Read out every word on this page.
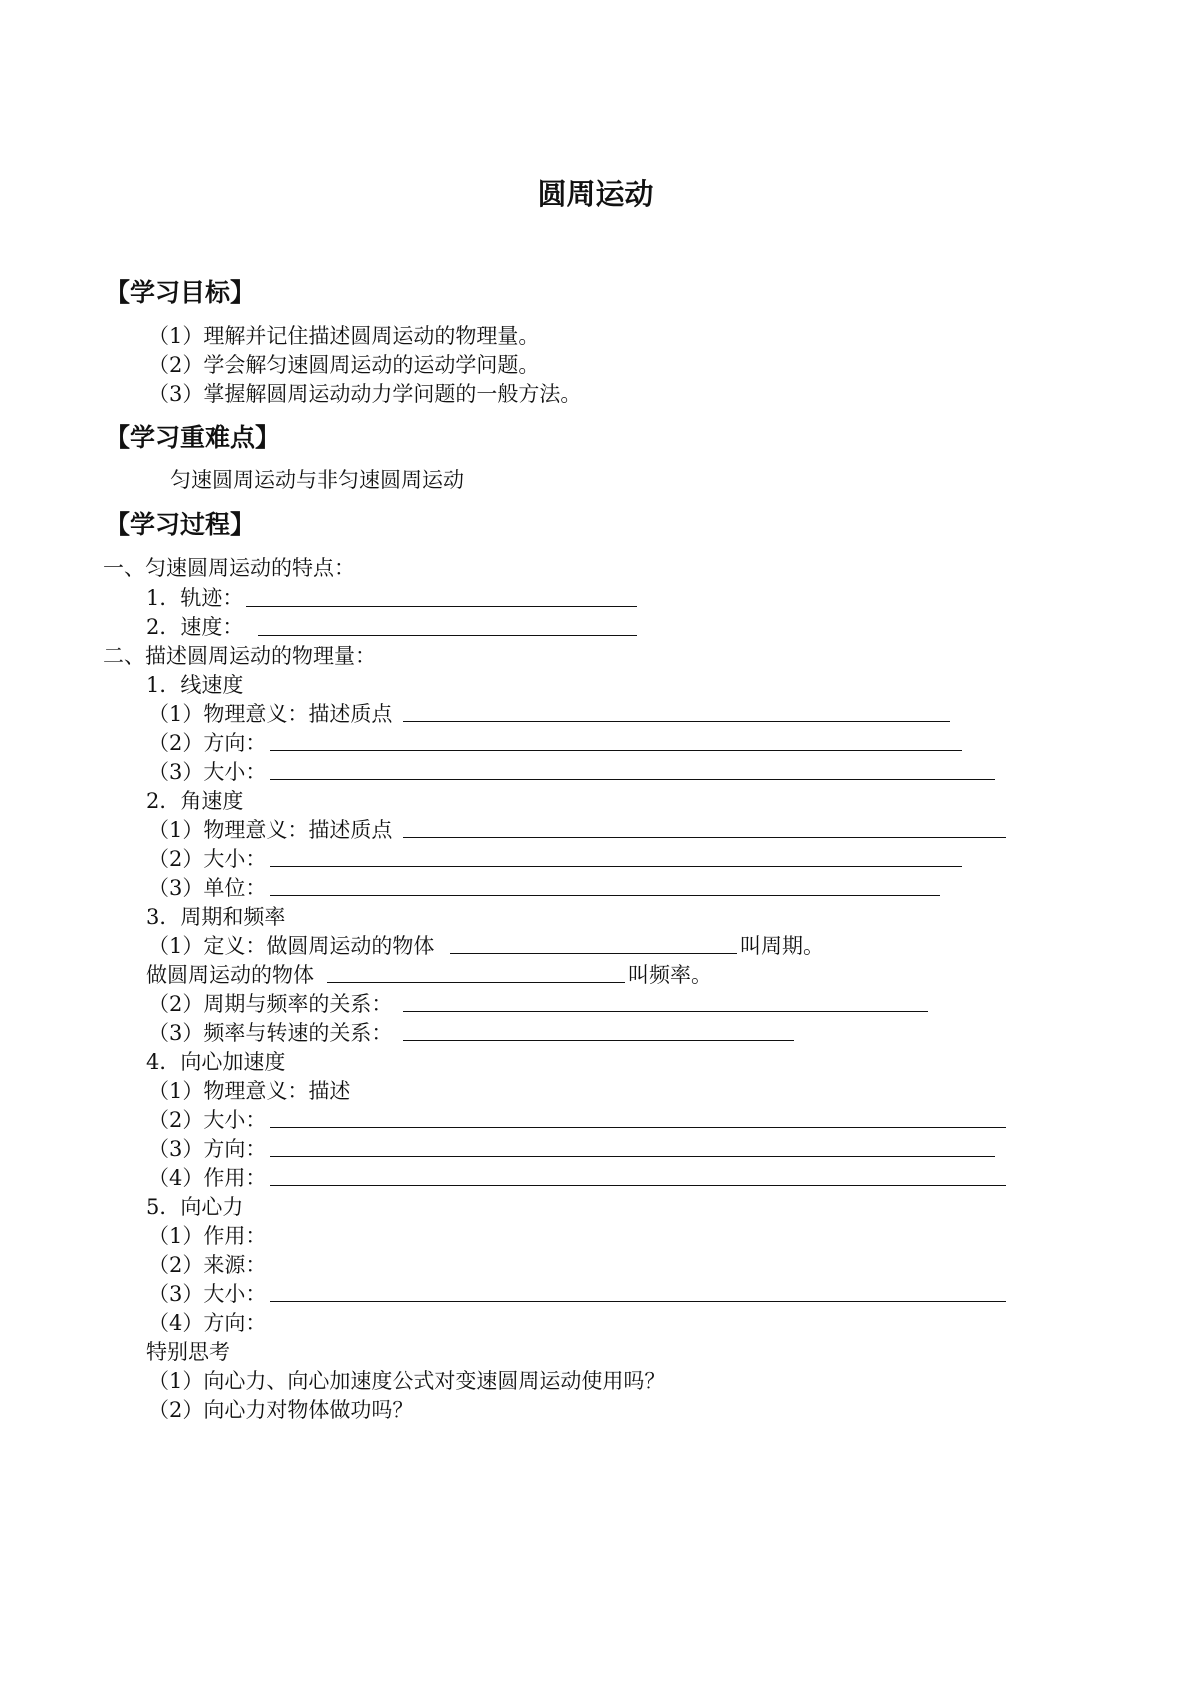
圆周运动
【学习目标】
（1）理解并记住描述圆周运动的物理量。
（2）学会解匀速圆周运动的运动学问题。
（3）掌握解圆周运动动力学问题的一般方法。
【学习重难点】
匀速圆周运动与非匀速圆周运动
【学习过程】
一、匀速圆周运动的特点：
1．轨迹：
2．速度：
二、描述圆周运动的物理量：
1．线速度
（1）物理意义：描述质点
（2）方向：
（3）大小：
2．角速度
（1）物理意义：描述质点
（2）大小：
（3）单位：
3．周期和频率
（1）定义：做圆周运动的物体	叫周期。
做圆周运动的物体	叫频率。
（2）周期与频率的关系：
（3）频率与转速的关系：
4．向心加速度
（1）物理意义：描述
（2）大小：
（3）方向：
（4）作用：
5．向心力
（1）作用：
（2）来源：
（3）大小：
（4）方向：
特别思考
（1）向心力、向心加速度公式对变速圆周运动使用吗？
（2）向心力对物体做功吗？
